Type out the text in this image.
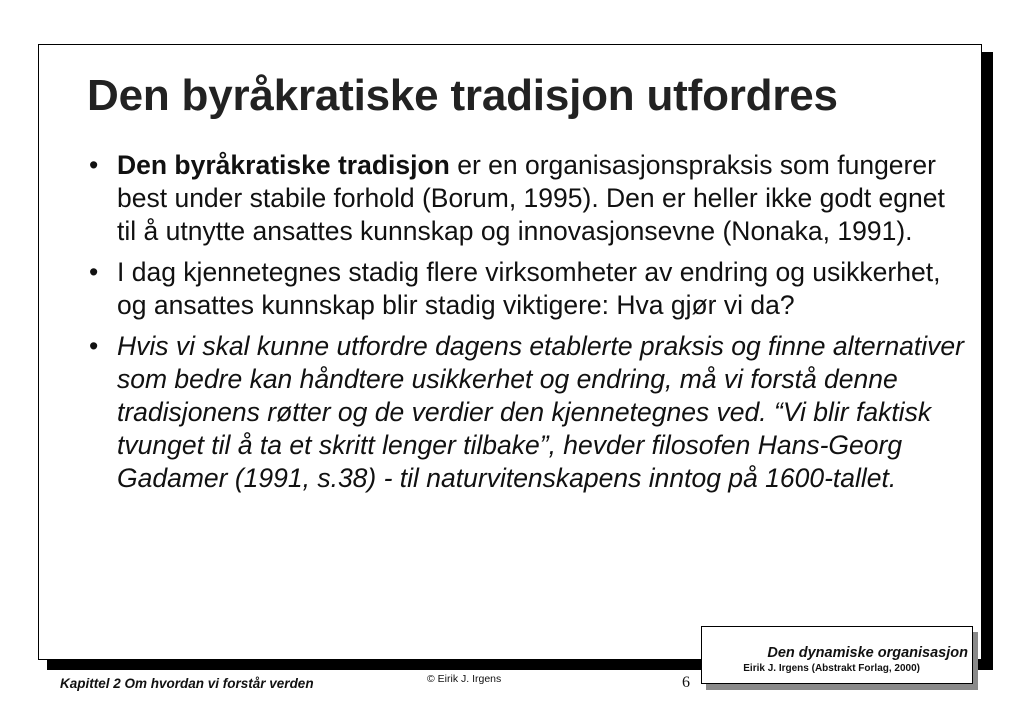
Den byråkratiske tradisjon utfordres
• Den byråkratiske tradisjon er en organisasjonspraksis som fungerer best under stabile forhold (Borum, 1995). Den er heller ikke godt egnet til å utnytte ansattes kunnskap og innovasjonsevne (Nonaka, 1991).
• I dag kjennetegnes stadig flere virksomheter av endring og usikkerhet, og ansattes kunnskap blir stadig viktigere: Hva gjør vi da?
• Hvis vi skal kunne utfordre dagens etablerte praksis og finne alternativer som bedre kan håndtere usikkerhet og endring, må vi forstå denne tradisjonens røtter og de verdier den kjennetegnes ved. “Vi blir faktisk tvunget til å ta et skritt lenger tilbake”, hevder filosofen Hans-Georg Gadamer (1991, s.38) - til naturvitenskapens inntog på 1600-tallet.
Kapittel 2 Om hvordan vi forstår verden	© Eirik J. Irgens	6
Den dynamiske organisasjon
Eirik J. Irgens (Abstrakt Forlag, 2000)
